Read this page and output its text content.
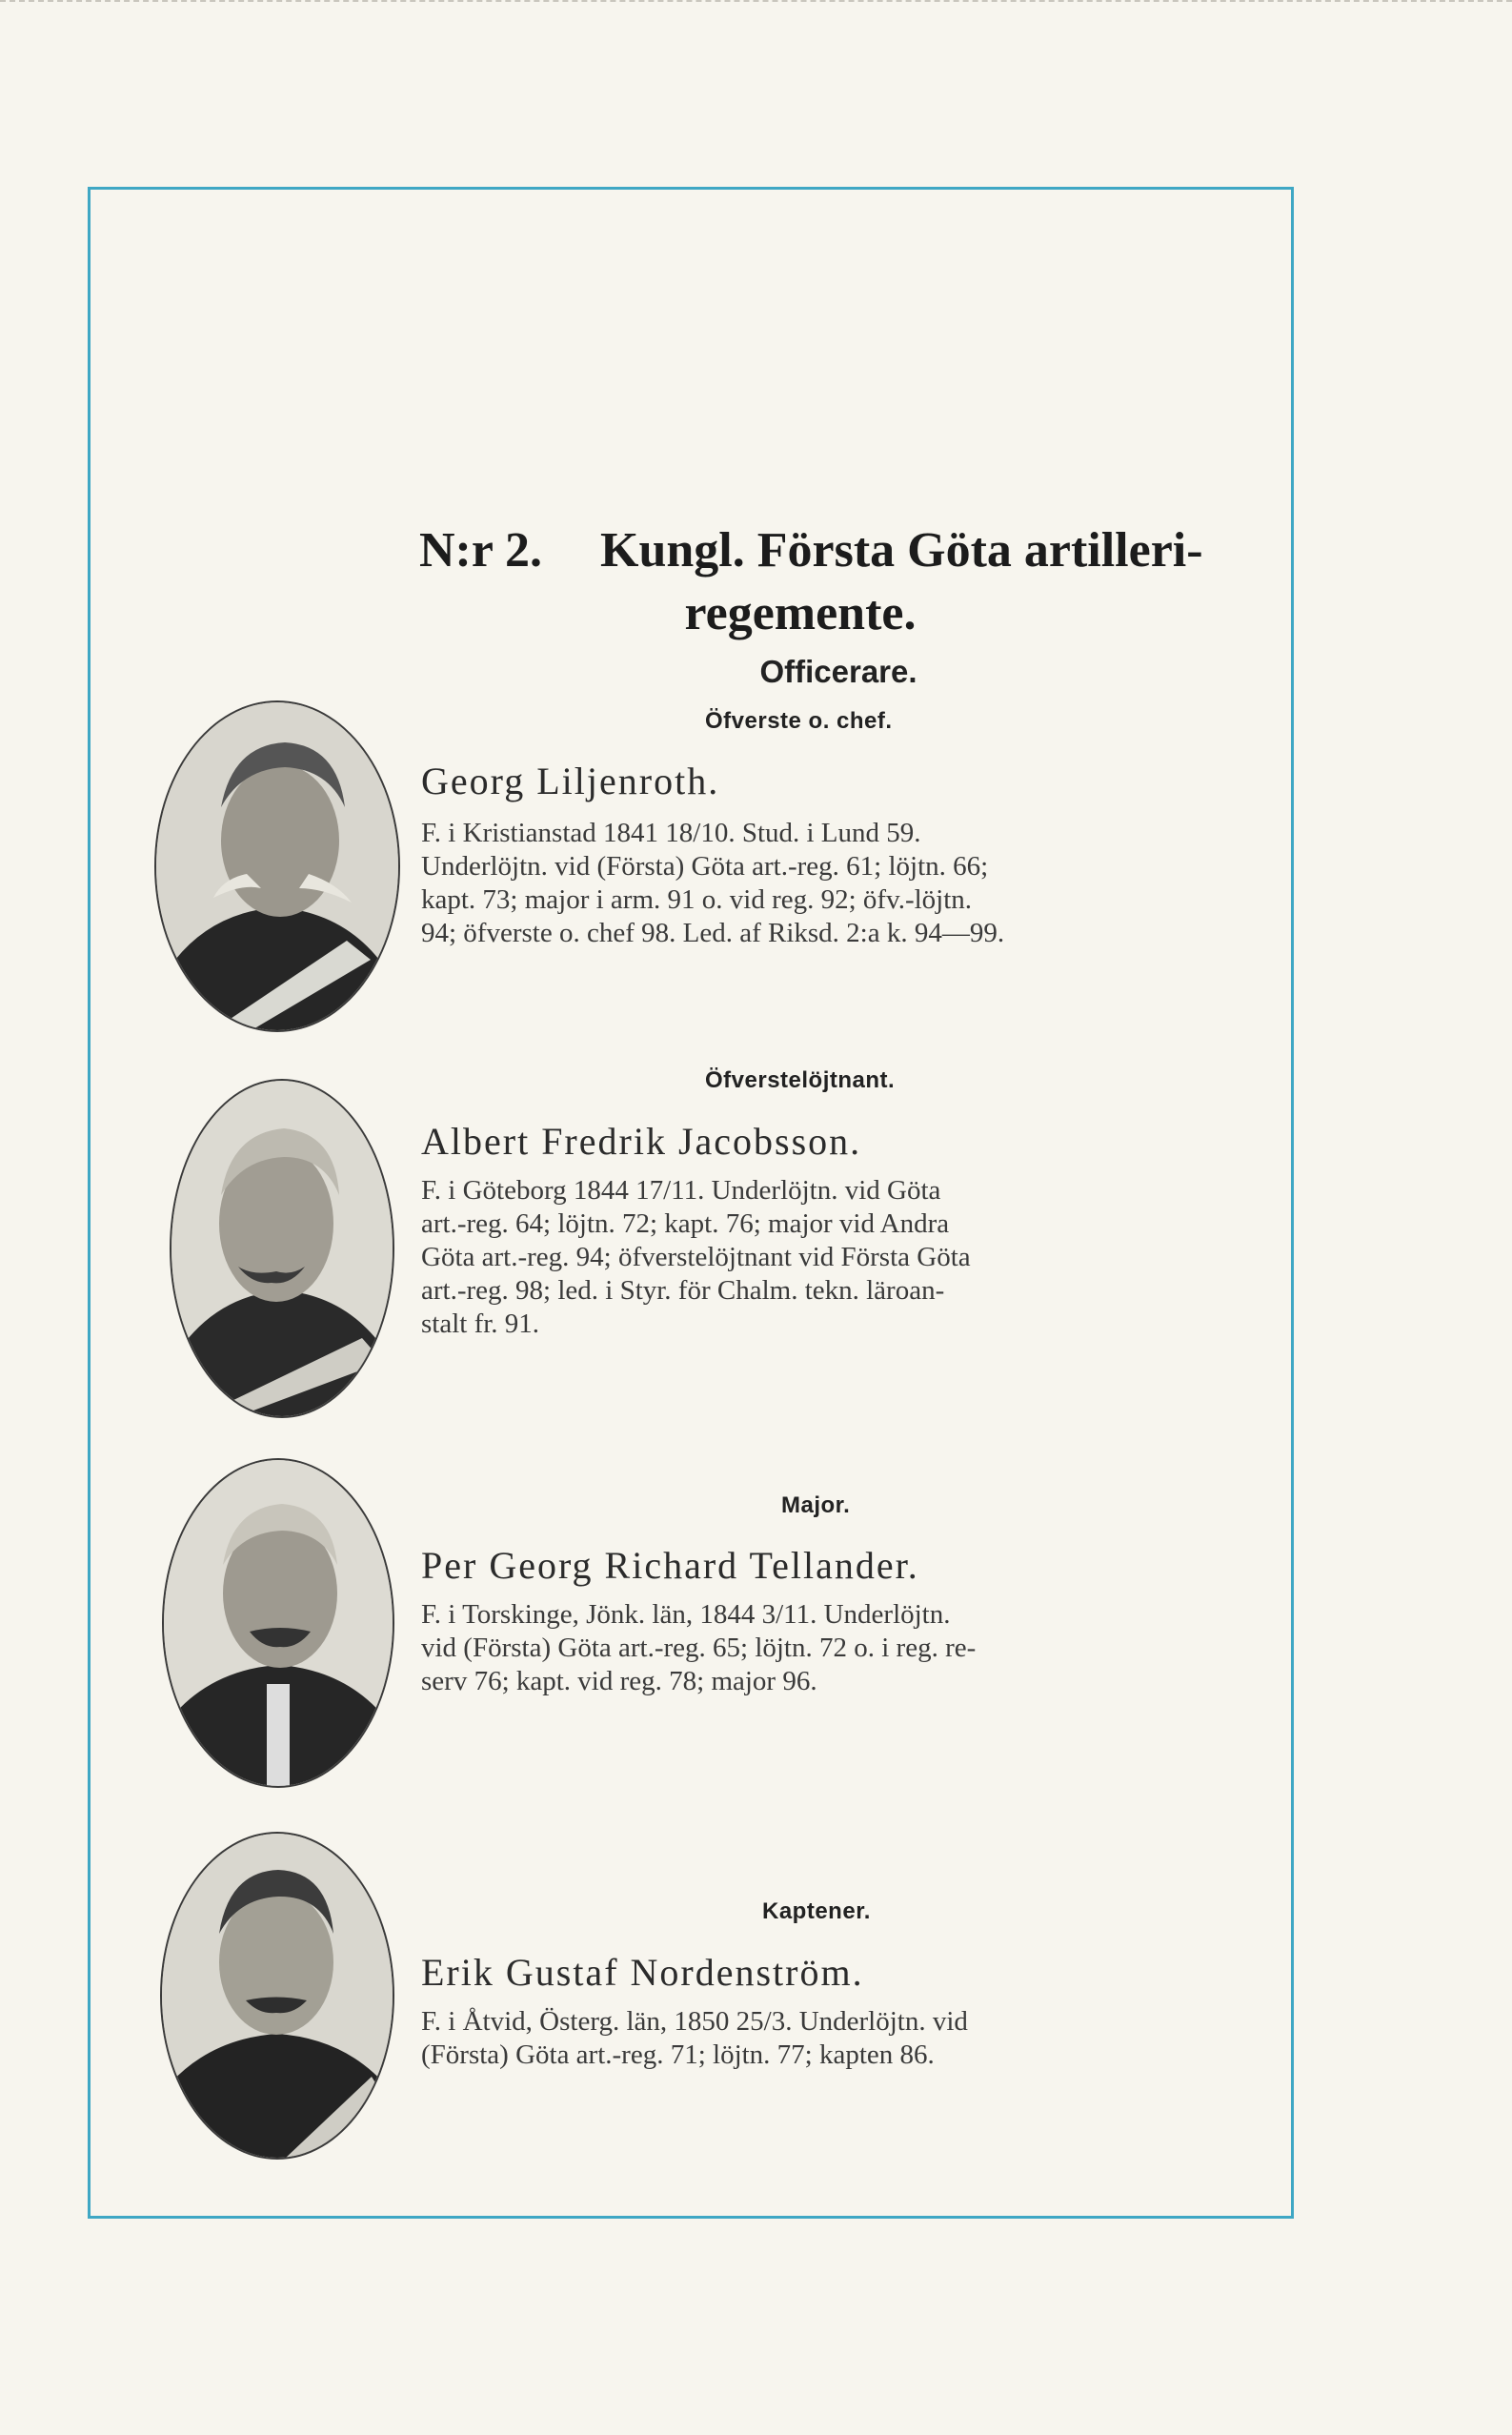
N:r 2. Kungl. Första Göta artilleri-
regemente.
Officerare.
Öfverste o. chef.
Georg Liljenroth.
F. i Kristianstad 1841 18/10. Stud. i Lund 59.
Underlöjtn. vid (Första) Göta art.-reg. 61; löjtn. 66;
kapt. 73; major i arm. 91 o. vid reg. 92; öfv.-löjtn.
94; öfverste o. chef 98. Led. af Riksd. 2:a k. 94—99.
Öfverstelöjtnant.
Albert Fredrik Jacobsson.
F. i Göteborg 1844 17/11. Underlöjtn. vid Göta
art.-reg. 64; löjtn. 72; kapt. 76; major vid Andra
Göta art.-reg. 94; öfverstelöjtnant vid Första Göta
art.-reg. 98; led. i Styr. för Chalm. tekn. läroan-
stalt fr. 91.
Major.
Per Georg Richard Tellander.
F. i Torskinge, Jönk. län, 1844 3/11. Underlöjtn.
vid (Första) Göta art.-reg. 65; löjtn. 72 o. i reg. re-
serv 76; kapt. vid reg. 78; major 96.
Kaptener.
Erik Gustaf Nordenström.
F. i Åtvid, Österg. län, 1850 25/3. Underlöjtn. vid
(Första) Göta art.-reg. 71; löjtn. 77; kapten 86.
